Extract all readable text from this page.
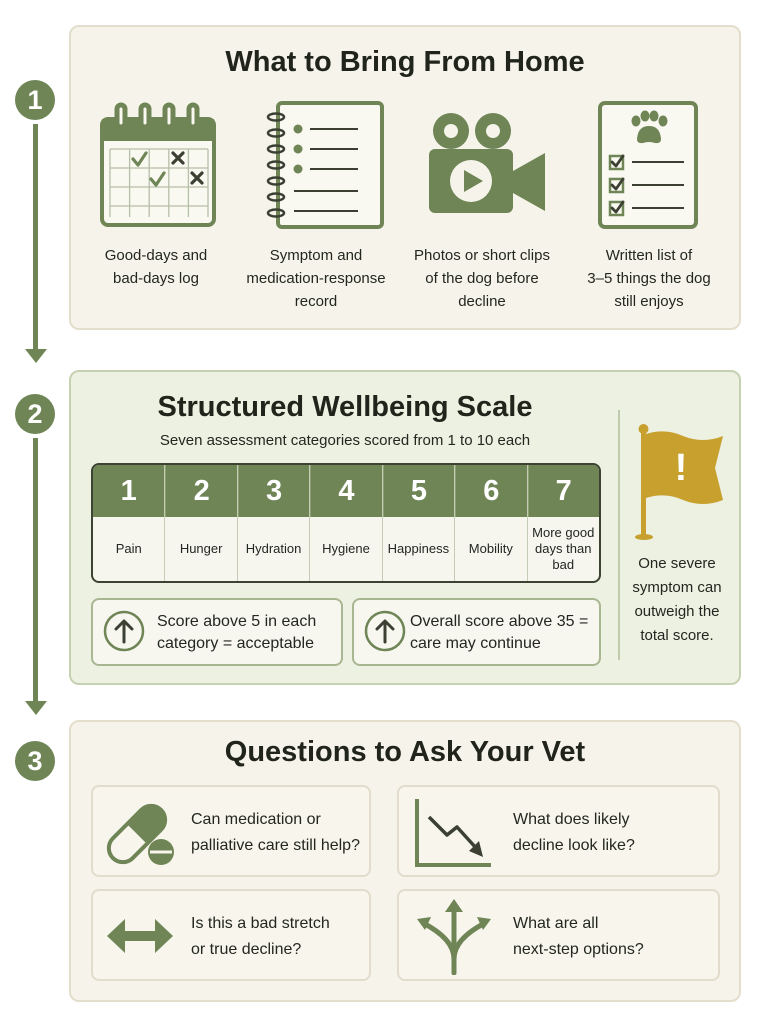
1
2
3
What to Bring From Home
Good-days and
bad-days log
Symptom and
medication-response
record
Photos or short clips
of the dog before
decline
Written list of
3–5 things the dog
still enjoys
Structured Wellbeing Scale
Seven assessment categories scored from 1 to 10 each
1
Pain
2
Hunger
3
Hydration
4
Hygiene
5
Happiness
6
Mobility
7
More good
days than
bad
Score above 5 in each
category = acceptable
Overall score above 35 =
care may continue
!
One severe
symptom can
outweigh the
total score.
Questions to Ask Your Vet
Can medication or
palliative care still help?
What does likely
decline look like?
Is this a bad stretch
or true decline?
What are all
next-step options?
